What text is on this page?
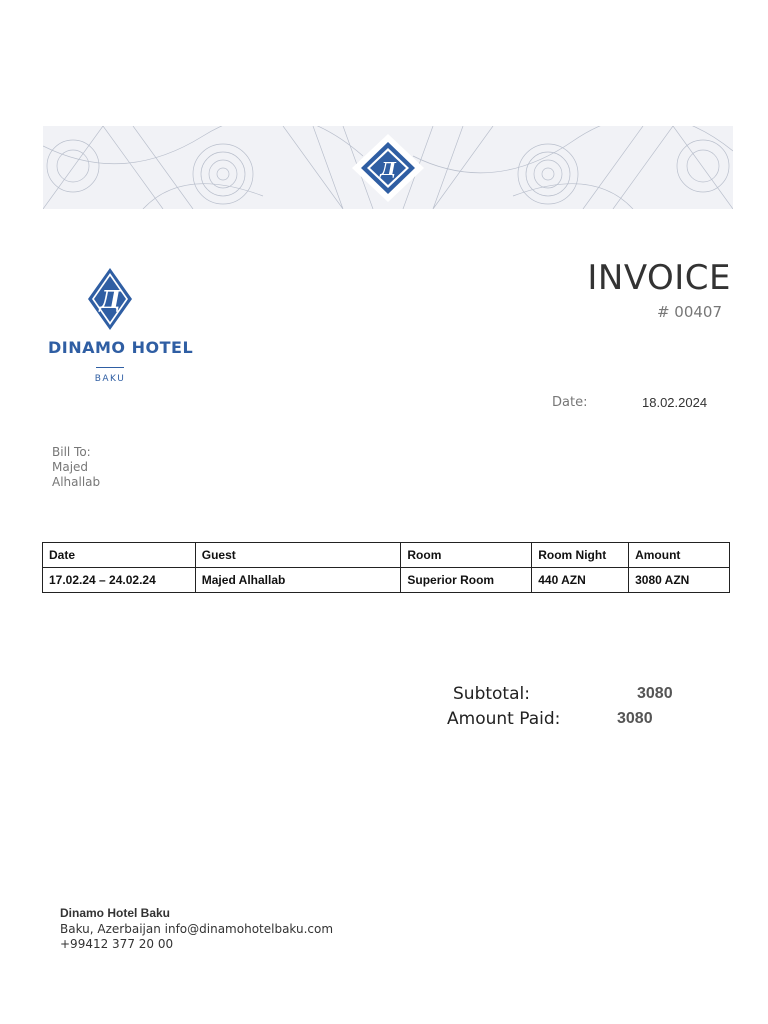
Д
Д
DINAMO HOTEL
BAKU
INVOICE
# 00407
Date:	18.02.2024
Bill To:
Majed
Alhallab
Date	Guest	Room	Room Night	Amount
17.02.24 – 24.02.24	Majed Alhallab	Superior Room	440 AZN	3080 AZN
Subtotal:	3080
Amount Paid:	3080
Dinamo Hotel Baku
Baku, Azerbaijan info@dinamohotelbaku.com
+99412 377 20 00
